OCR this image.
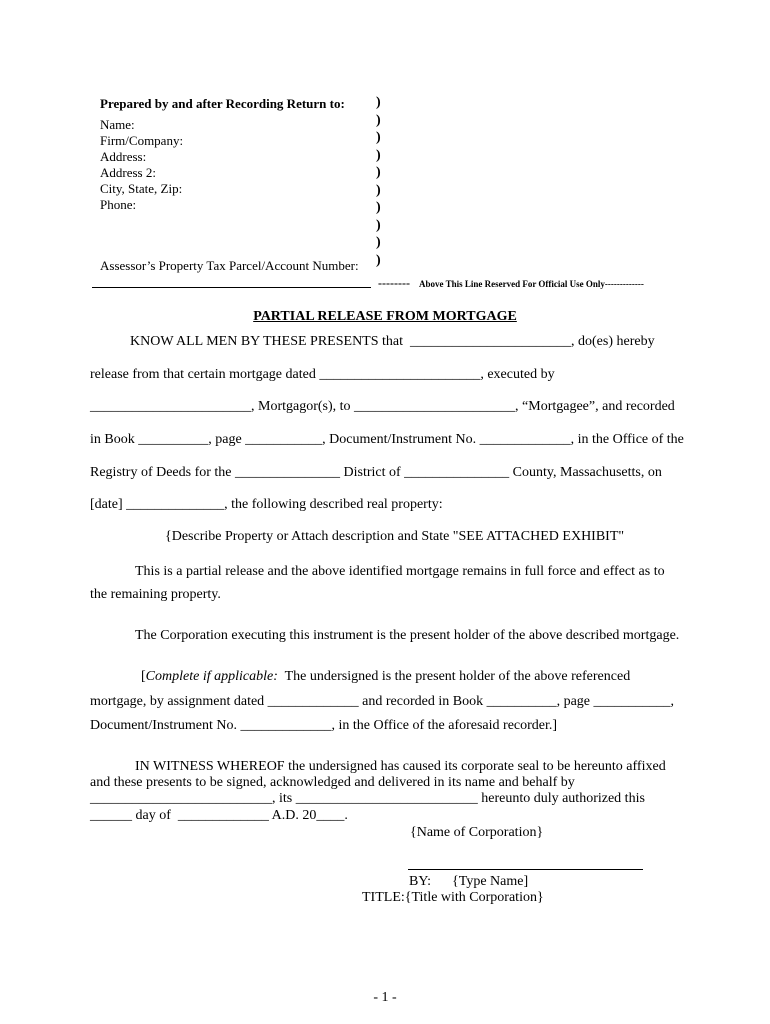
Prepared by and after Recording Return to:
Name:
Firm/Company:
Address:
Address 2:
City, State, Zip:
Phone:
Assessor’s Property Tax Parcel/Account Number:
)
)
)
)
)
)
)
)
)
)
-------- Above This Line Reserved For Official Use Only-------------
PARTIAL RELEASE FROM MORTGAGE
KNOW ALL MEN BY THESE PRESENTS that  _______________________, do(es) hereby
release from that certain mortgage dated _______________________, executed by
_______________________, Mortgagor(s), to _______________________, “Mortgagee”, and recorded
in Book __________, page ___________, Document/Instrument No. _____________, in the Office of the
Registry of Deeds for the _______________ District of _______________ County, Massachusetts, on
[date] ______________, the following described real property:
{Describe Property or Attach description and State "SEE ATTACHED EXHIBIT"
This is a partial release and the above identified mortgage remains in full force and effect as to
the remaining property.
The Corporation executing this instrument is the present holder of the above described mortgage.
[Complete if applicable:  The undersigned is the present holder of the above referenced
mortgage, by assignment dated _____________ and recorded in Book __________, page ___________,
Document/Instrument No. _____________, in the Office of the aforesaid recorder.]
IN WITNESS WHEREOF the undersigned has caused its corporate seal to be hereunto affixed
and these presents to be signed, acknowledged and delivered in its name and behalf by
__________________________, its __________________________ hereunto duly authorized this
______ day of  _____________ A.D. 20____.
{Name of Corporation}
BY:      {Type Name]
TITLE:{Title with Corporation}
- 1 -
